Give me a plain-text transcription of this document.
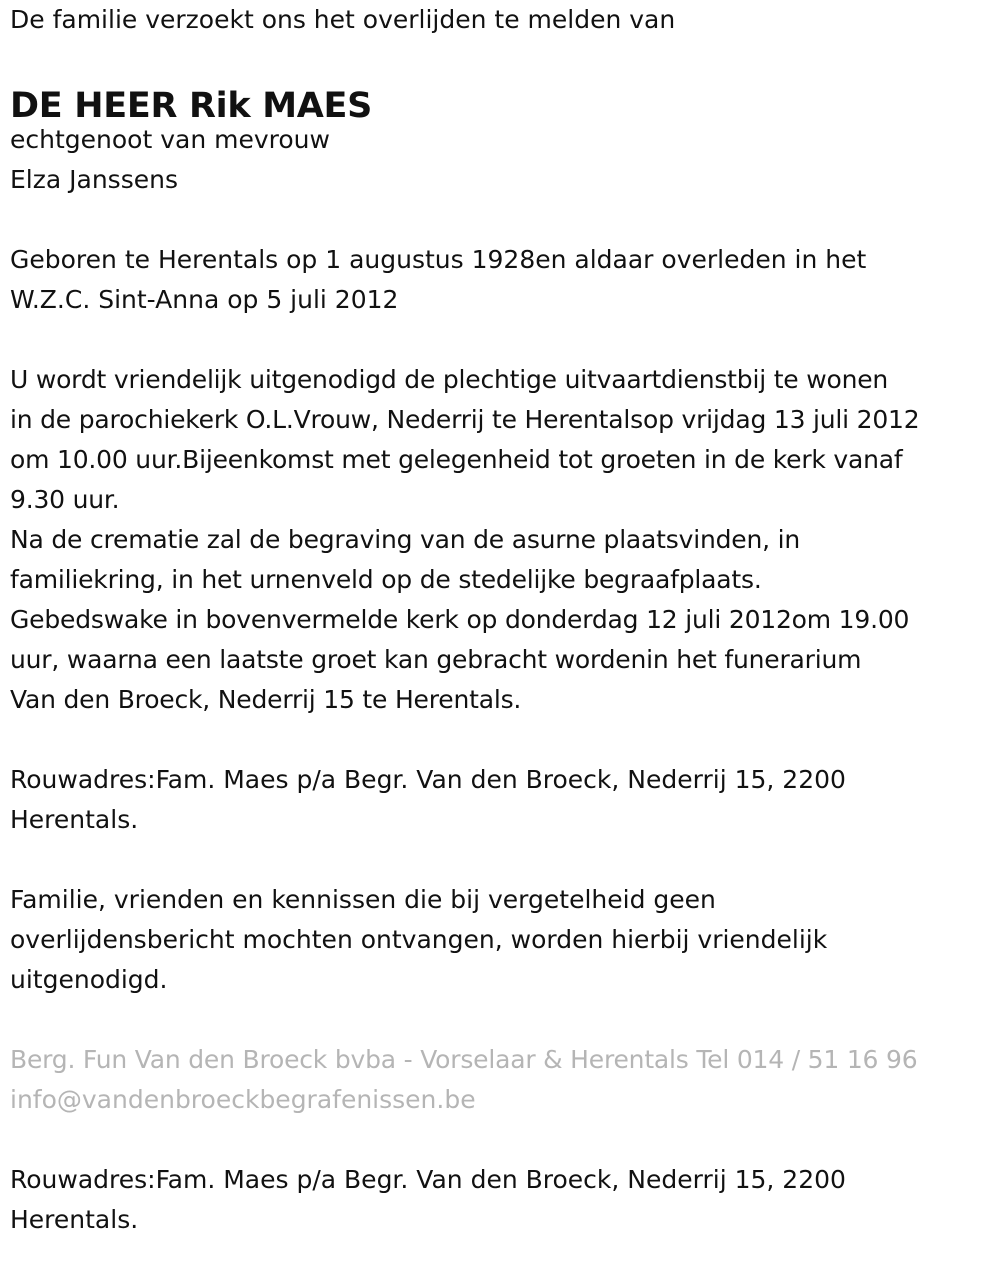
De familie verzoekt ons het overlijden te melden van
DE HEER Rik MAES
echtgenoot van mevrouw
Elza Janssens
Geboren te Herentals op 1 augustus 1928en aldaar overleden in het
W.Z.C. Sint-Anna op 5 juli 2012
U wordt vriendelijk uitgenodigd de plechtige uitvaartdienstbij te wonen
in de parochiekerk O.L.Vrouw, Nederrij te Herentalsop vrijdag 13 juli 2012
om 10.00 uur.Bijeenkomst met gelegenheid tot groeten in de kerk vanaf
9.30 uur.
Na de crematie zal de begraving van de asurne plaatsvinden, in
familiekring, in het urnenveld op de stedelijke begraafplaats.
Gebedswake in bovenvermelde kerk op donderdag 12 juli 2012om 19.00
uur, waarna een laatste groet kan gebracht wordenin het funerarium
Van den Broeck, Nederrij 15 te Herentals.
Rouwadres:Fam. Maes p/a Begr. Van den Broeck, Nederrij 15, 2200
Herentals.
Familie, vrienden en kennissen die bij vergetelheid geen
overlijdensbericht mochten ontvangen, worden hierbij vriendelijk
uitgenodigd.
Berg. Fun Van den Broeck bvba - Vorselaar & Herentals Tel 014 / 51 16 96
info@vandenbroeckbegrafenissen.be
Rouwadres:Fam. Maes p/a Begr. Van den Broeck, Nederrij 15, 2200
Herentals.
